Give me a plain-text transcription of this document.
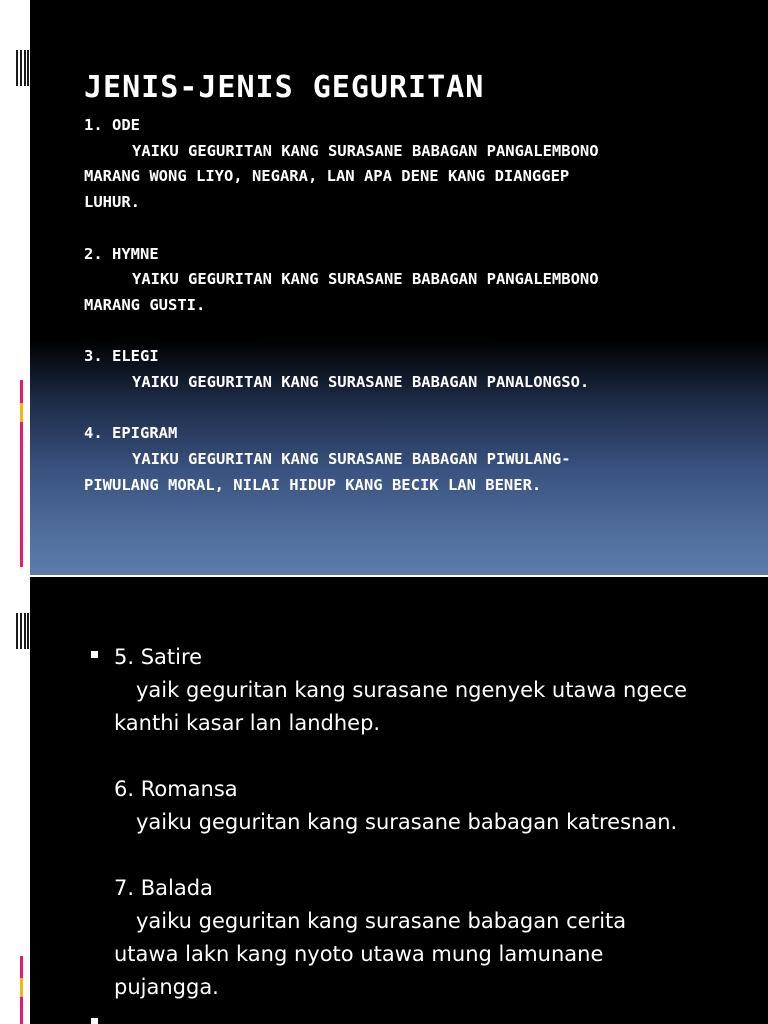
JENIS-JENIS GEGURITAN
1. ODE
YAIKU GEGURITAN KANG SURASANE BABAGAN PANGALEMBONO
MARANG WONG LIYO, NEGARA, LAN APA DENE KANG DIANGGEP
LUHUR.
2. HYMNE
YAIKU GEGURITAN KANG SURASANE BABAGAN PANGALEMBONO
MARANG GUSTI.
3. ELEGI
YAIKU GEGURITAN KANG SURASANE BABAGAN PANALONGSO.
4. EPIGRAM
YAIKU GEGURITAN KANG SURASANE BABAGAN PIWULANG-
PIWULANG MORAL, NILAI HIDUP KANG BECIK LAN BENER.
5. Satire
yaik geguritan kang surasane ngenyek utawa ngece
kanthi kasar lan landhep.
6. Romansa
yaiku geguritan kang surasane babagan katresnan.
7. Balada
yaiku geguritan kang surasane babagan cerita
utawa lakn kang nyoto utawa mung lamunane
pujangga.
